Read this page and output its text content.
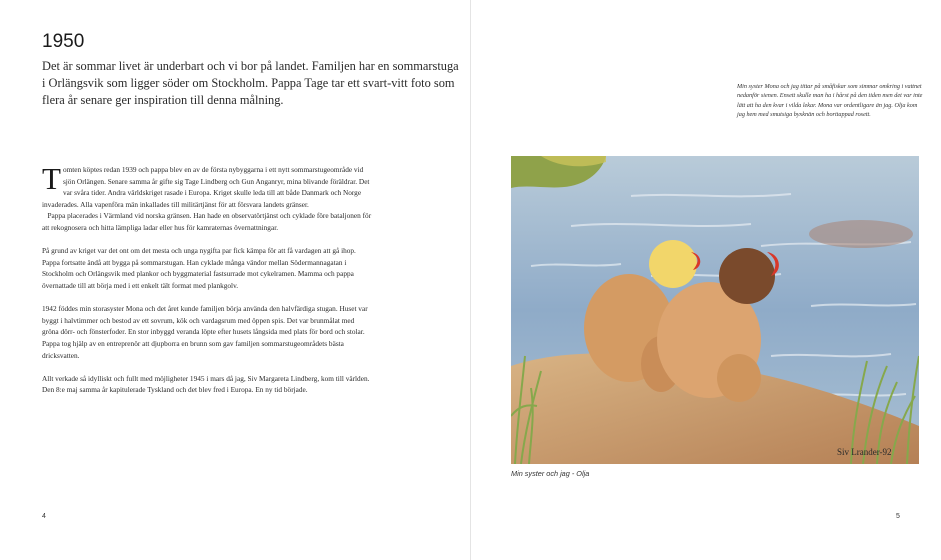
1950
Det är sommar livet är underbart och vi bor på landet. Familjen har en sommarstuga i Orlängsvik som ligger söder om Stockholm. Pappa Tage tar ett svart-vitt foto som flera år senare ger inspiration till denna målning.

Tomten köptes redan 1939 och pappa blev en av de första nybyggarna i ett nytt sommarstugeområde vid sjön Orlängen. Senare samma år gifte sig Tage Lindberg och Gun Anganryr, mina blivande föräldrar. Det var svåra tider. Andra världskriget rasade i Europa. Kriget skulle leda till att både Danmark och Norge invaderades. Alla vapenföra män inkallades till militärtjänst för att försvara landets gränser.
Pappa placerades i Värmland vid norska gränsen. Han hade en observatörtjänst och cyklade före bataljonen för att rekognosera och hitta lämpliga ladar eller hus för kamraternas övernattningar.

På grund av kriget var det ont om det mesta och unga nygifta par fick kämpa för att få vardagen att gå ihop. Pappa fortsatte ändå att bygga på sommarstugan. Han cyklade många vändor mellan Södermannagatan i Stockholm och Orlängsvik med plankor och byggmaterial fastsurrade mot cykelramen. Mamma och pappa övernattade till att börja med i ett enkelt tält format med plankgolv.

1942 föddes min storasyster Mona och det året kunde familjen börja använda den halvfärdiga stugan. Huset var byggt i halvtimmer och bestod av ett sovrum, kök och vardagsrum med öppen spis. Det var brunmålat med gröna dörr- och fönsterfoder. En stor inbyggd veranda löpte efter husets långsida med plats för bord och stolar. Pappa tog hjälp av en entreprenör att djupborra en brunn som gav familjen sommarstugeområdets bästa dricksvatten.

Allt verkade så idylliskt och fullt med möjligheter 1945 i mars då jag, Siv Margareta Lindberg, kom till världen. Den 8:e maj samma år kapitulerade Tyskland och det blev fred i Europa. En ny tid började.

4
Min syster Mona och jag tittar på småfiskar som simmar omkring i vattnet nedanför sienen. Ensett skulle man ha i hårst på den tiden men det var inte lätt att ha den kvar i vilda lekar. Mona var ordentligare än jag. Olja kom jag hem med smutsiga byxknän och borttappad rosett.
Siv Lrander-92
Min syster och jag - Olja
5
